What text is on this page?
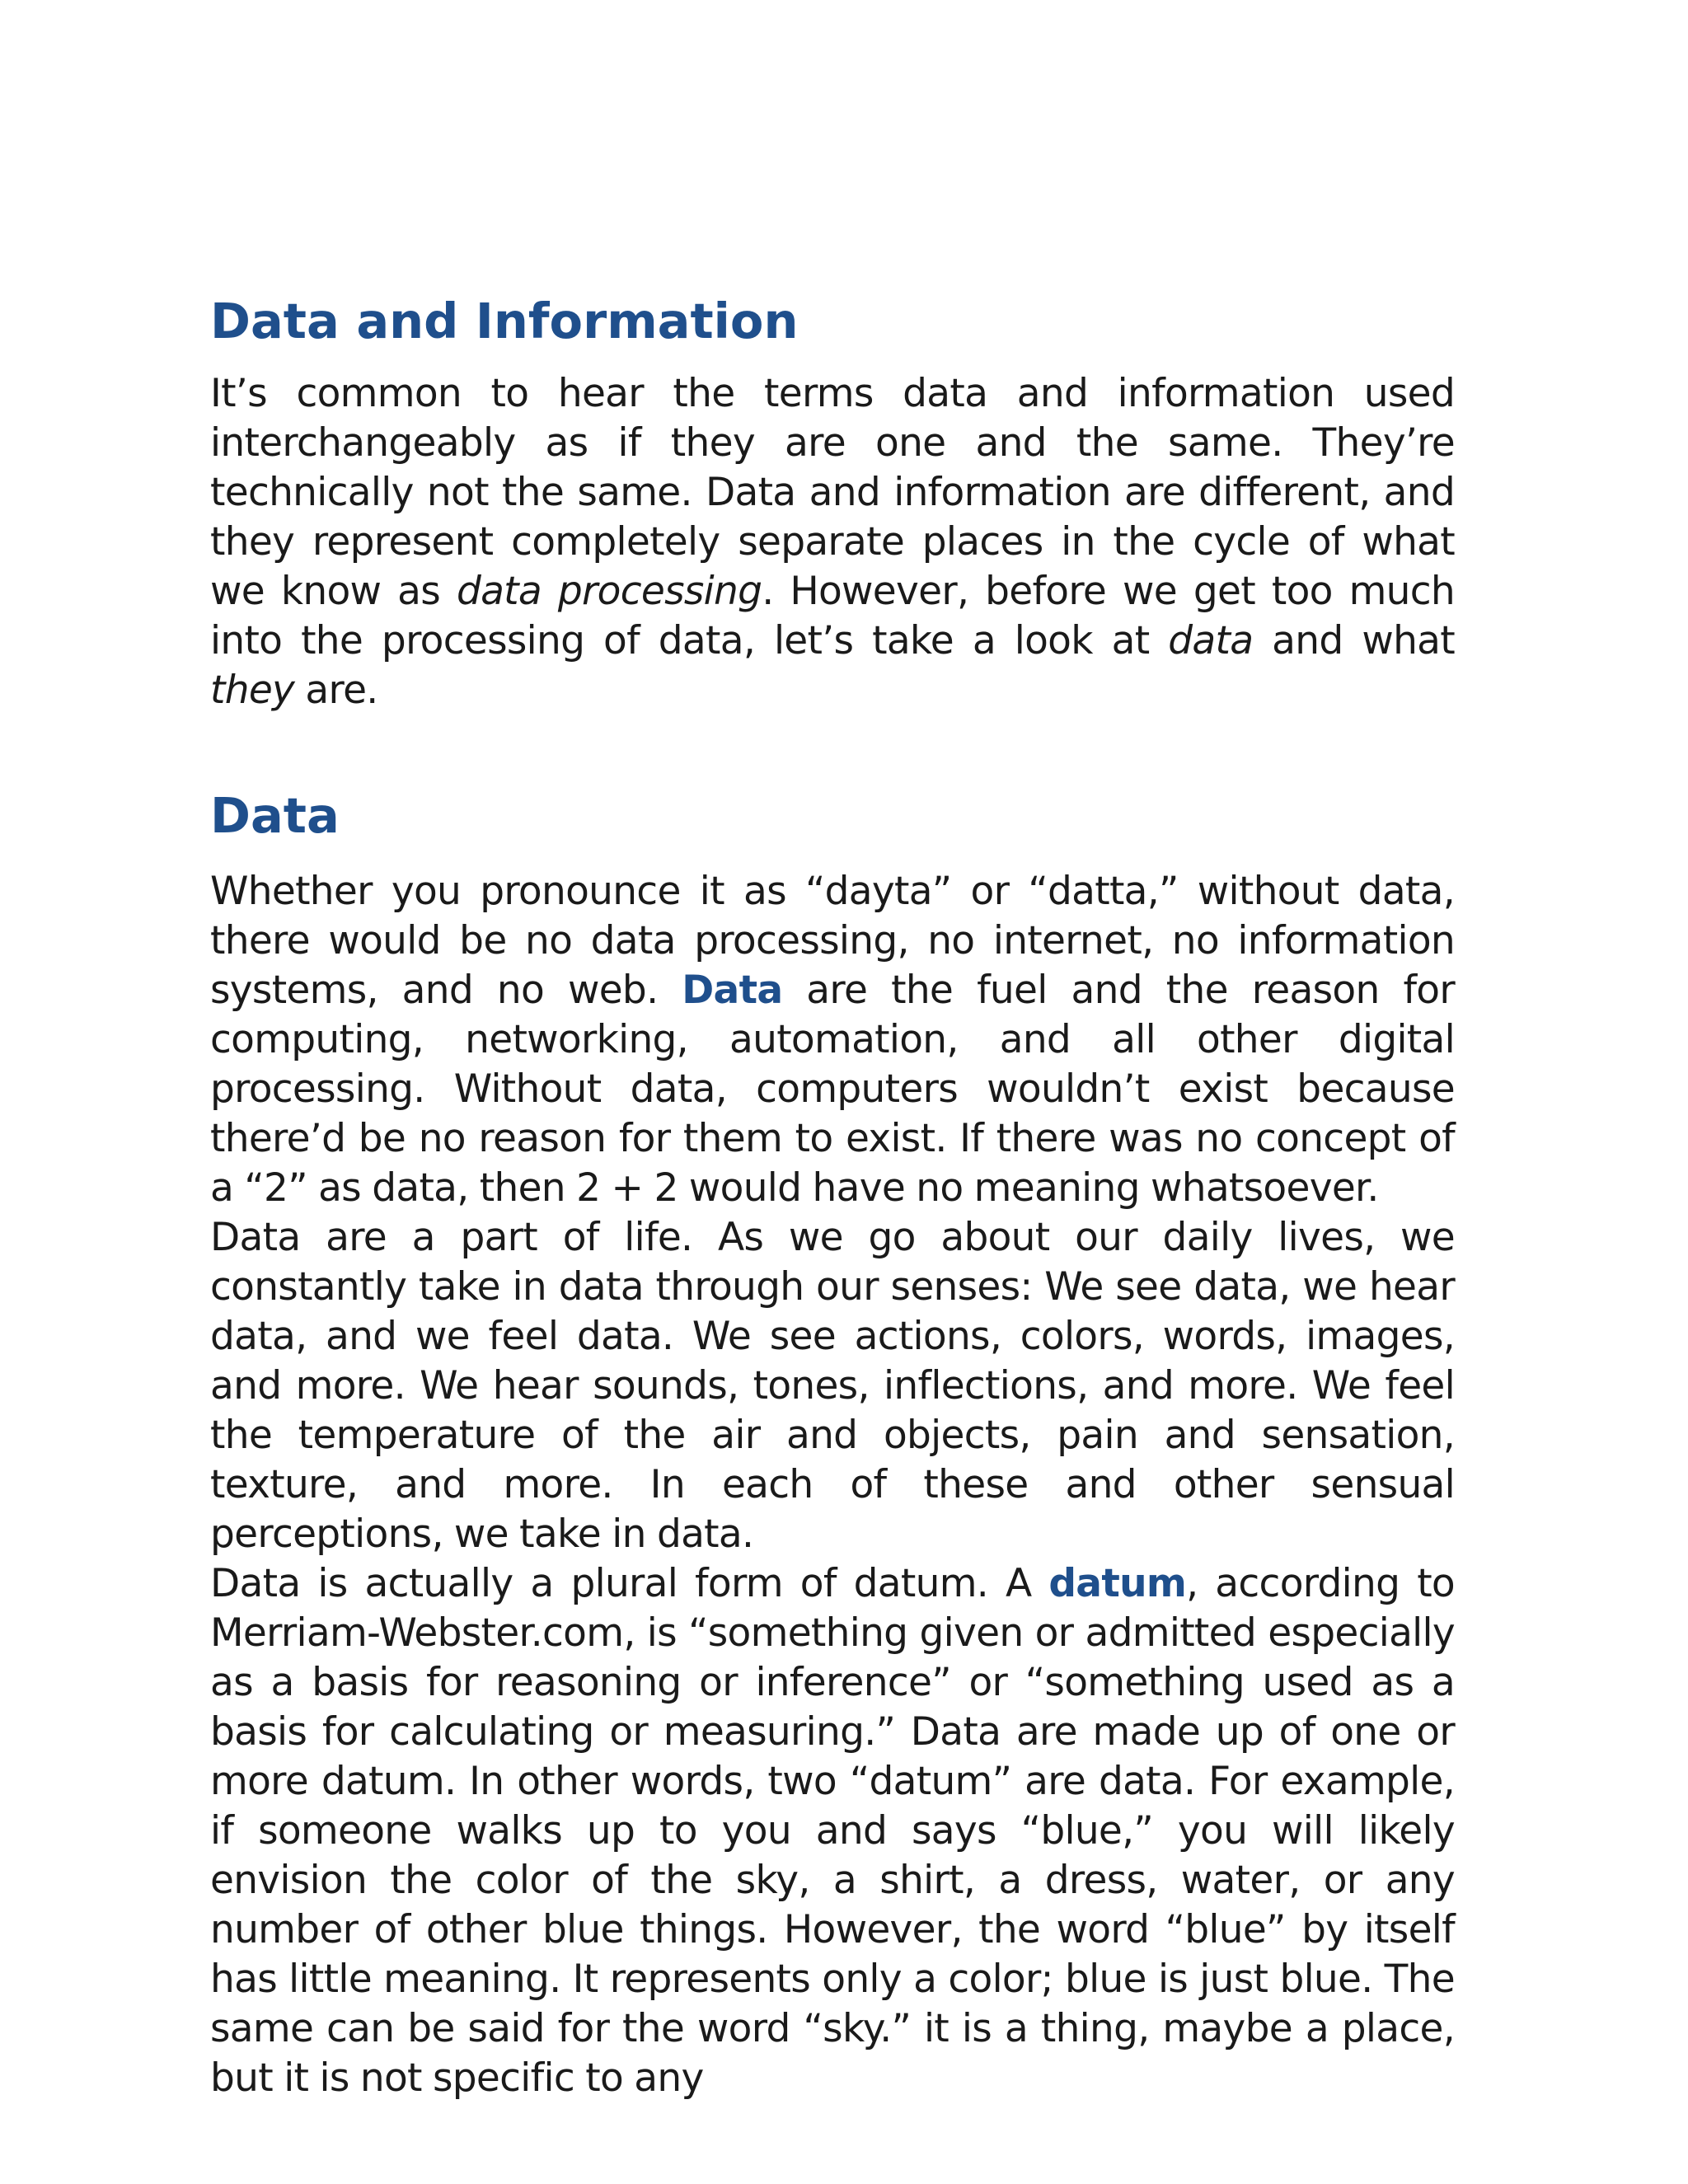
Data and Information

It’s common to hear the terms data and information used interchangeably as if they are one and the same. They’re technically not the same. Data and information are different, and they represent completely separate places in the cycle of what we know as data processing. However, before we get too much into the processing of data, let’s take a look at data and what they are.

Data

Whether you pronounce it as “dayta” or “datta,” without data, there would be no data processing, no internet, no information systems, and no web. Data are the fuel and the reason for computing, networking, automation, and all other digital processing. Without data, computers wouldn’t exist because there’d be no reason for them to exist. If there was no concept of a “2” as data, then 2 + 2 would have no meaning whatsoever.

Data are a part of life. As we go about our daily lives, we constantly take in data through our senses: We see data, we hear data, and we feel data. We see actions, colors, words, images, and more. We hear sounds, tones, inflections, and more. We feel the temperature of the air and objects, pain and sensation, texture, and more. In each of these and other sensual perceptions, we take in data.

Data is actually a plural form of datum. A datum, according to Merriam-Webster.com, is “something given or admitted especially as a basis for reasoning or inference” or “something used as a basis for calculating or measuring.” Data are made up of one or more datum. In other words, two “datum” are data. For example, if someone walks up to you and says “blue,” you will likely envision the color of the sky, a shirt, a dress, water, or any number of other blue things. However, the word “blue” by itself has little meaning. It represents only a color; blue is just blue. The same can be said for the word “sky.” it is a thing, maybe a place, but it is not specific to any
